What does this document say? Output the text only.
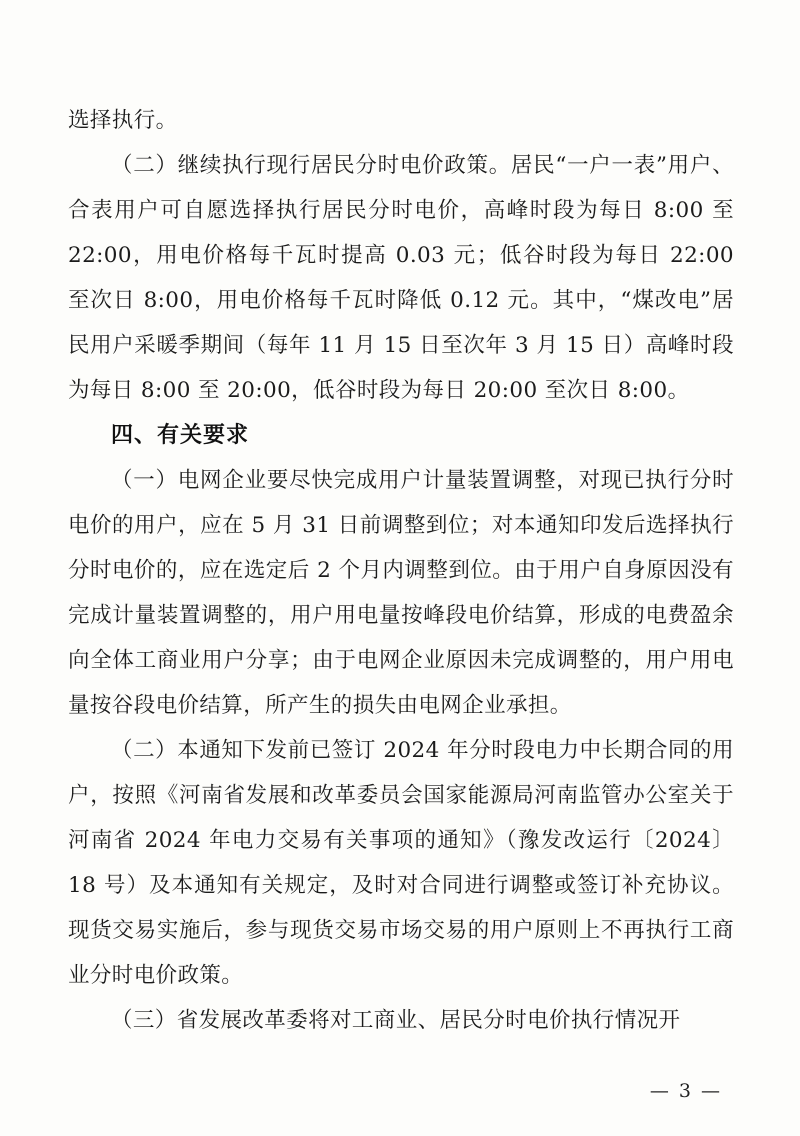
选择执行。

（二）继续执行现行居民分时电价政策。居民“一户一表”用户、合表用户可自愿选择执行居民分时电价，高峰时段为每日 8:00 至 22:00，用电价格每千瓦时提高 0.03 元；低谷时段为每日 22:00 至次日 8:00，用电价格每千瓦时降低 0.12 元。其中，“煤改电”居民用户采暖季期间（每年 11 月 15 日至次年 3 月 15 日）高峰时段为每日 8:00 至 20:00，低谷时段为每日 20:00 至次日 8:00。

四、有关要求

（一）电网企业要尽快完成用户计量装置调整，对现已执行分时电价的用户，应在 5 月 31 日前调整到位；对本通知印发后选择执行分时电价的，应在选定后 2 个月内调整到位。由于用户自身原因没有完成计量装置调整的，用户用电量按峰段电价结算，形成的电费盈余向全体工商业用户分享；由于电网企业原因未完成调整的，用户用电量按谷段电价结算，所产生的损失由电网企业承担。

（二）本通知下发前已签订 2024 年分时段电力中长期合同的用户，按照《河南省发展和改革委员会国家能源局河南监管办公室关于河南省 2024 年电力交易有关事项的通知》（豫发改运行〔2024〕18 号）及本通知有关规定，及时对合同进行调整或签订补充协议。现货交易实施后，参与现货交易市场交易的用户原则上不再执行工商业分时电价政策。

（三）省发展改革委将对工商业、居民分时电价执行情况开

— 3 —
